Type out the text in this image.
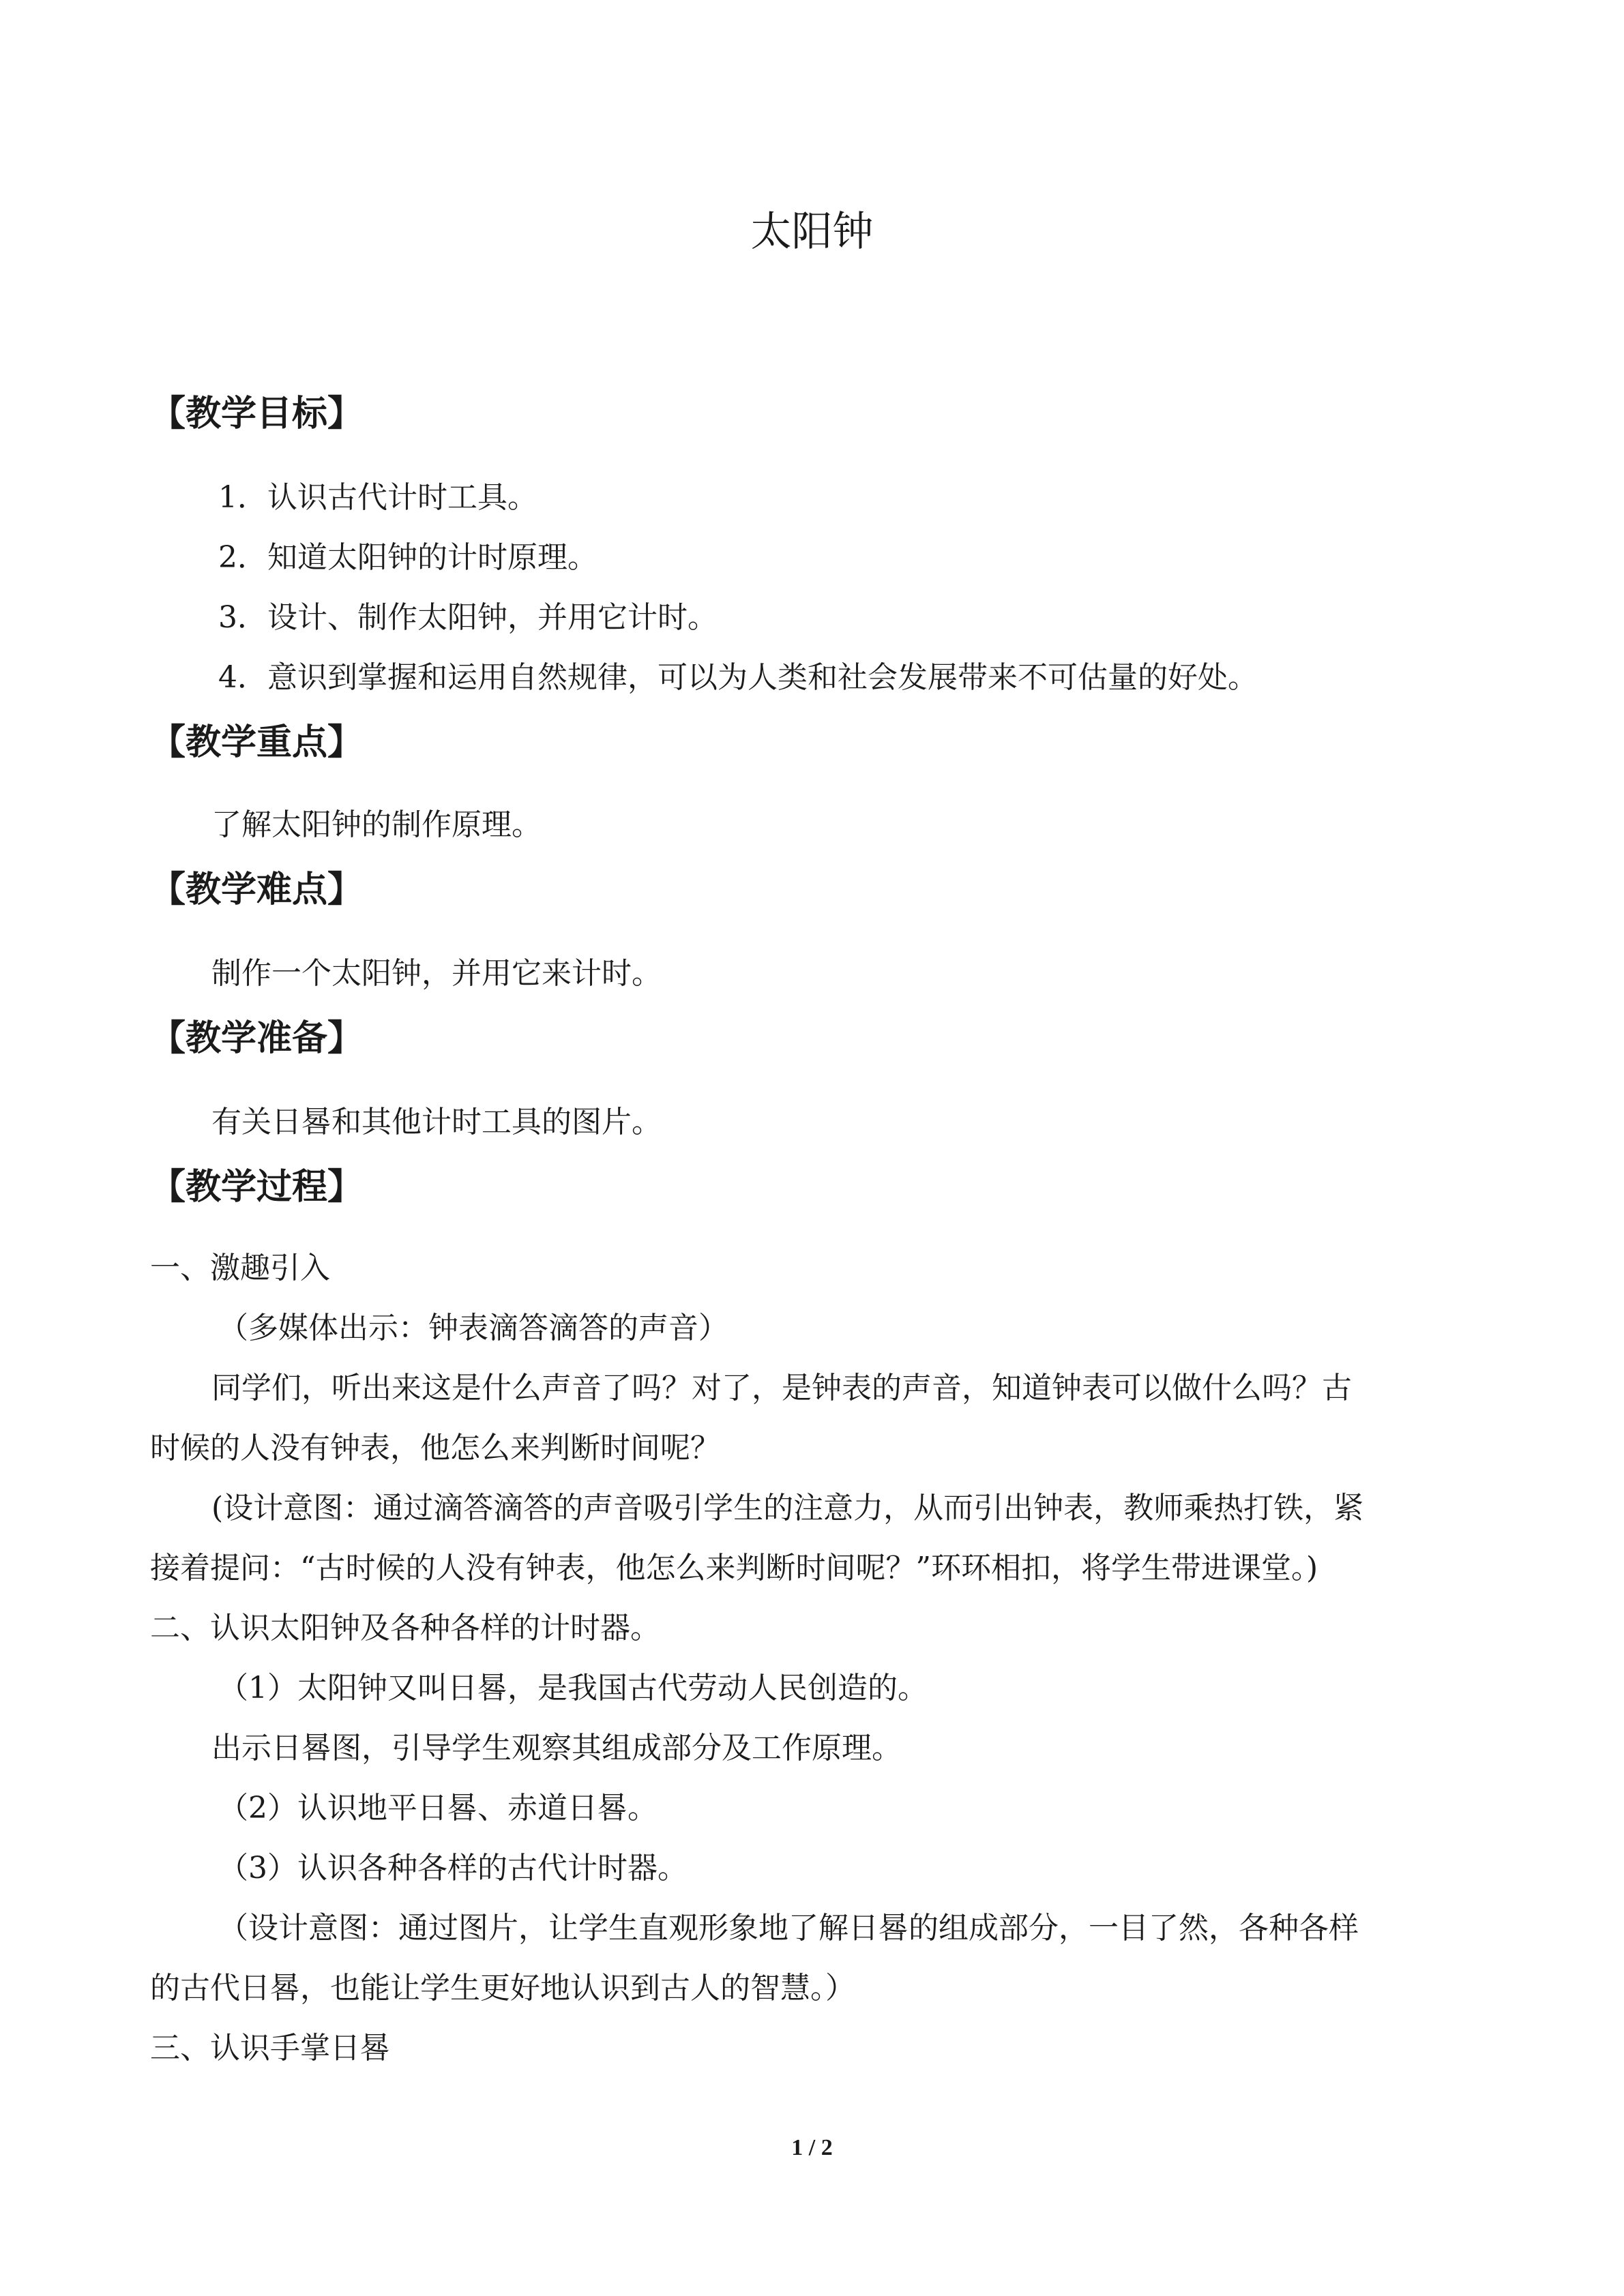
太阳钟
【教学目标】

1．认识古代计时工具。

2．知道太阳钟的计时原理。

3．设计、制作太阳钟，并用它计时。

4．意识到掌握和运用自然规律，可以为人类和社会发展带来不可估量的好处。

【教学重点】

了解太阳钟的制作原理。

【教学难点】

制作一个太阳钟，并用它来计时。

【教学准备】

有关日晷和其他计时工具的图片。

【教学过程】

一、激趣引入

（多媒体出示：钟表滴答滴答的声音）

同学们，听出来这是什么声音了吗？对了，是钟表的声音，知道钟表可以做什么吗？古

时候的人没有钟表，他怎么来判断时间呢？

(设计意图：通过滴答滴答的声音吸引学生的注意力，从而引出钟表，教师乘热打铁，紧

接着提问：“古时候的人没有钟表，他怎么来判断时间呢？”环环相扣，将学生带进课堂。)

二、认识太阳钟及各种各样的计时器。

（1）太阳钟又叫日晷，是我国古代劳动人民创造的。

出示日晷图，引导学生观察其组成部分及工作原理。

（2）认识地平日晷、赤道日晷。

（3）认识各种各样的古代计时器。

（设计意图：通过图片，让学生直观形象地了解日晷的组成部分，一目了然，各种各样

的古代日晷，也能让学生更好地认识到古人的智慧。）

三、认识手掌日晷

1 / 2
